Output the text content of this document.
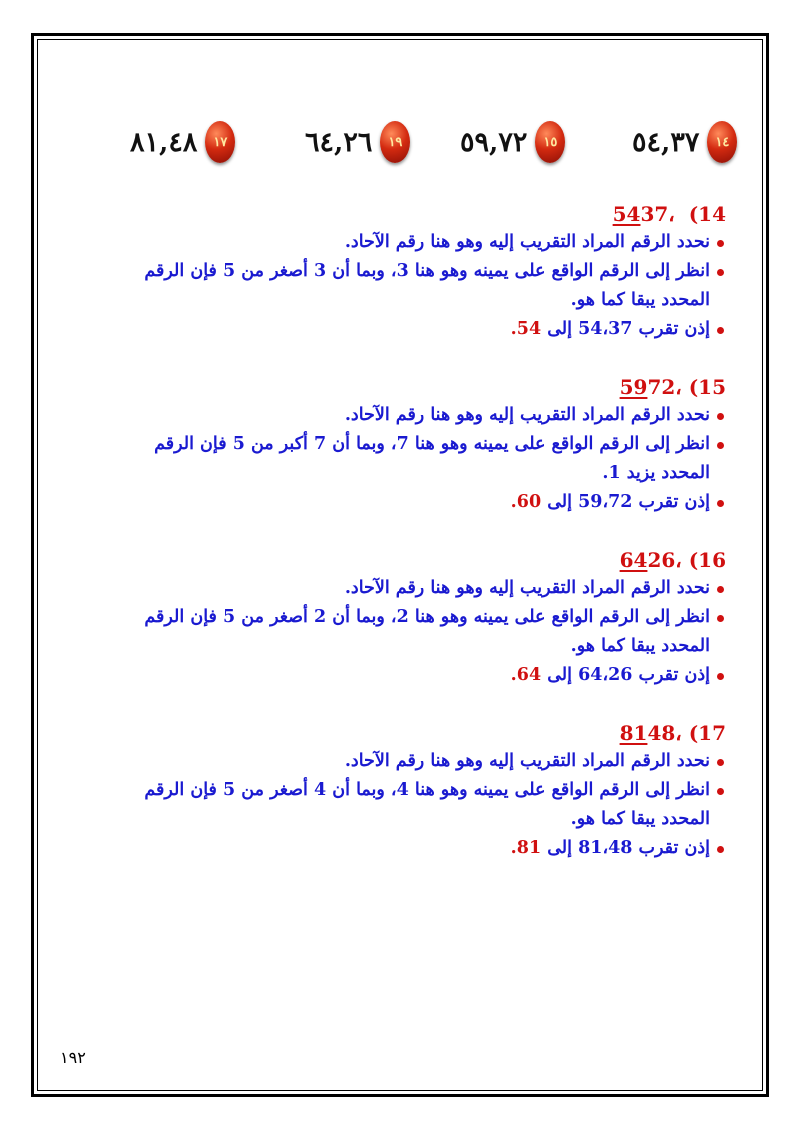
٨١,٤٨	١٧	٦٤,٢٦	١٩ ٥٩,٧٢	١٥	٥٤,٣٧	١٤
5437، (14
نحدد الرقم المراد التقريب إليه وهو هنا رقم الآحاد.
انظر إلى الرقم الواقع على يمينه وهو هنا 3، وبما أن 3 أصغر من 5 فإن الرقم المحدد يبقا كما هو.
إذن تقرب 54،37 إلى 54.
5972، (15
نحدد الرقم المراد التقريب إليه وهو هنا رقم الآحاد.
انظر إلى الرقم الواقع على يمينه وهو هنا 7، وبما أن 7 أكبر من 5 فإن الرقم المحدد يزيد 1.
إذن تقرب 59،72 إلى 60.
6426، (16
نحدد الرقم المراد التقريب إليه وهو هنا رقم الآحاد.
انظر إلى الرقم الواقع على يمينه وهو هنا 2، وبما أن 2 أصغر من 5 فإن الرقم المحدد يبقا كما هو.
إذن تقرب 64،26 إلى 64.
8148، (17
نحدد الرقم المراد التقريب إليه وهو هنا رقم الآحاد.
انظر إلى الرقم الواقع على يمينه وهو هنا 4، وبما أن 4 أصغر من 5 فإن الرقم المحدد يبقا كما هو.
إذن تقرب 81،48 إلى 81.
١٩٢
